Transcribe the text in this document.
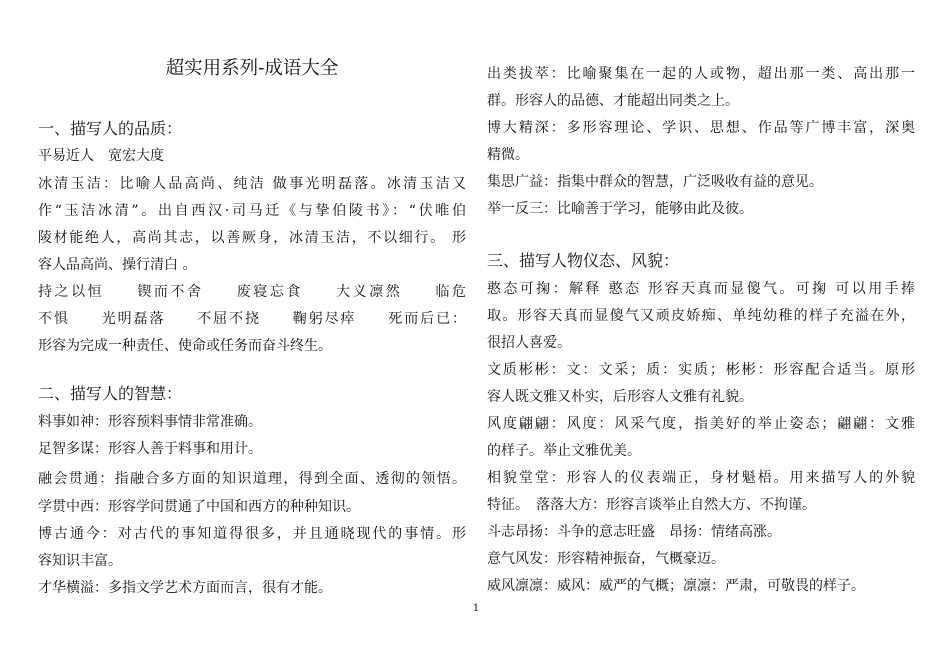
超实用系列-成语大全
一、描写人的品质：
平易近人　宽宏大度
冰清玉洁：比喻人品高尚、纯洁 做事光明磊落。冰清玉洁又
作“玉洁冰清”。出自西汉·司马迁《与挚伯陵书》：“伏唯伯
陵材能绝人，高尚其志，以善厥身，冰清玉洁，不以细行。 形
容人品高尚、操行清白 。
持之以恒　　锲而不舍　　废寝忘食　　大义凛然　　临危
不惧　　光明磊落　　不屈不挠　　鞠躬尽瘁　　死而后已：
形容为完成一种责任、使命或任务而奋斗终生。
二、描写人的智慧：
料事如神：形容预料事情非常准确。
足智多谋：形容人善于料事和用计。
融会贯通：指融合多方面的知识道理，得到全面、透彻的领悟。
学贯中西：形容学问贯通了中国和西方的种种知识。
博古通今：对古代的事知道得很多，并且通晓现代的事情。形
容知识丰富。
才华横溢：多指文学艺术方面而言，很有才能。
出类拔萃：比喻聚集在一起的人或物，超出那一类、高出那一
群。形容人的品德、才能超出同类之上。
博大精深：多形容理论、学识、思想、作品等广博丰富，深奥
精微。
集思广益：指集中群众的智慧，广泛吸收有益的意见。
举一反三：比喻善于学习，能够由此及彼。
三、描写人物仪态、风貌：
憨态可掬：解释 憨态 形容天真而显傻气。可掬 可以用手捧
取。形容天真而显傻气又顽皮娇痴、单纯幼稚的样子充溢在外，
很招人喜爱。
文质彬彬：文：文采；质：实质；彬彬：形容配合适当。原形
容人既文雅又朴实，后形容人文雅有礼貌。
风度翩翩：风度：风采气度，指美好的举止姿态；翩翩：文雅
的样子。举止文雅优美。
相貌堂堂：形容人的仪表端正，身材魁梧。用来描写人的外貌
特征。　落落大方：形容言谈举止自然大方、不拘谨。
斗志昂扬：斗争的意志旺盛　昂扬：情绪高涨。
意气风发：形容精神振奋，气概豪迈。
威风凛凛：威风：威严的气概；凛凛：严肃，可敬畏的样子。
1
